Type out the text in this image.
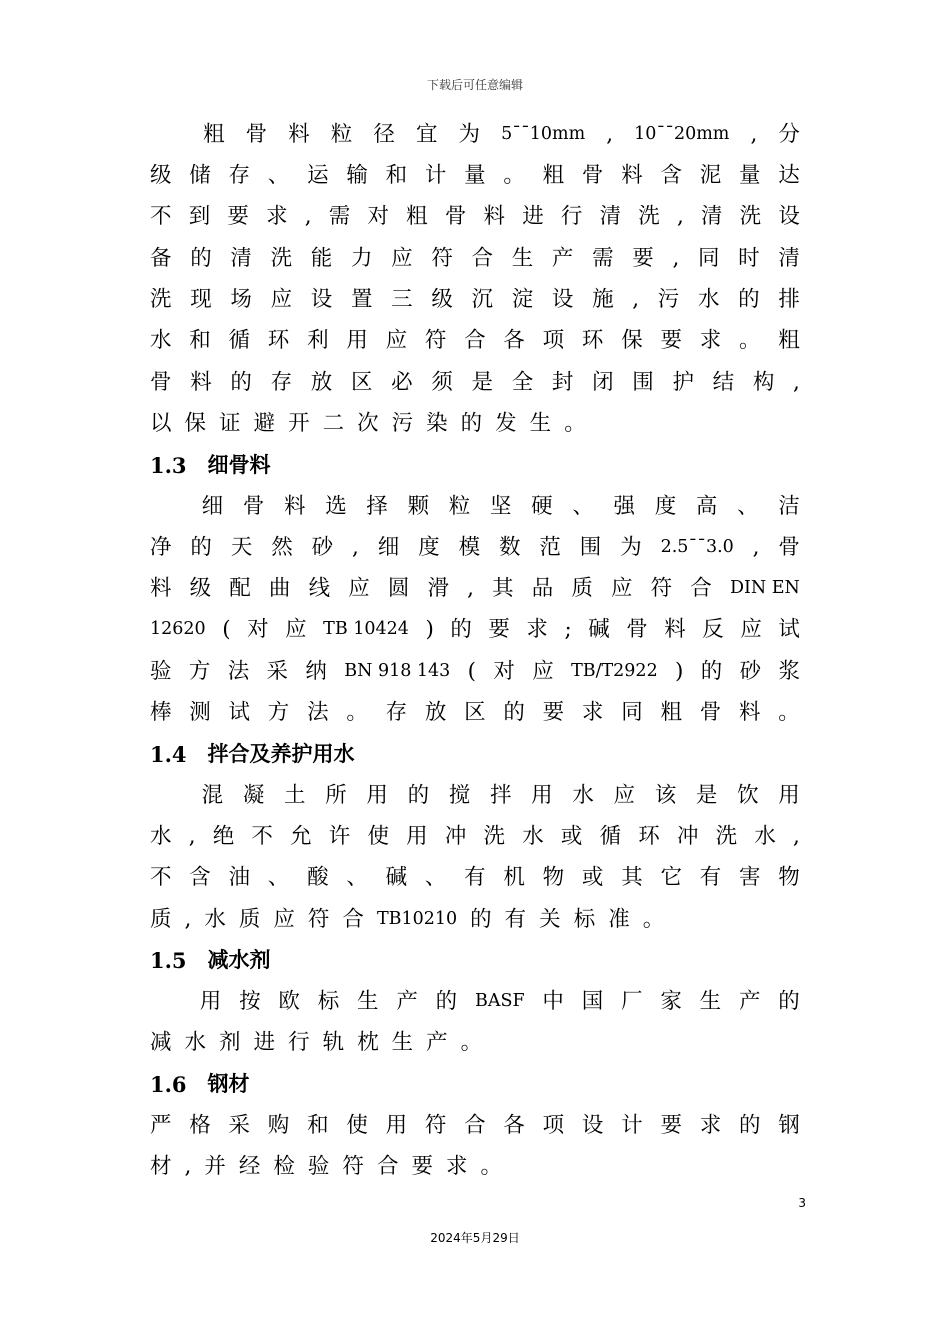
下载后可任意编辑
粗 骨 料 粒 径 宜 为 5¯¯10mm , 10¯¯20mm , 分
级 储 存 、 运 输 和 计 量 。 粗 骨 料 含 泥 量 达
不 到 要 求 , 需 对 粗 骨 料 进 行 清 洗 , 清 洗 设
备 的 清 洗 能 力 应 符 合 生 产 需 要 , 同 时 清
洗 现 场 应 设 置 三 级 沉 淀 设 施 , 污 水 的 排
水 和 循 环 利 用 应 符 合 各 项 环 保 要 求 。 粗
骨 料 的 存 放 区 必 须 是 全 封 闭 围 护 结 构 ,
以 保 证 避 开 二 次 污 染 的 发 生 。
1.3 细骨料
细 骨 料 选 择 颗 粒 坚 硬 、 强 度 高 、 洁
净 的 天 然 砂 , 细 度 模 数 范 围 为 2.5¯¯3.0 , 骨
料 级 配 曲 线 应 圆 滑 , 其 品 质 应 符 合 DIN EN
12620 ( 对 应 TB 10424 ) 的 要 求 ; 碱 骨 料 反 应 试
验 方 法 采 纳 BN 918 143 ( 对 应 TB/T2922 ) 的 砂 浆
棒 测 试 方 法 。 存 放 区 的 要 求 同 粗 骨 料 。
1.4 拌合及养护用水
混 凝 土 所 用 的 搅 拌 用 水 应 该 是 饮 用
水 , 绝 不 允 许 使 用 冲 洗 水 或 循 环 冲 洗 水 ,
不 含 油 、 酸 、 碱 、 有 机 物 或 其 它 有 害 物
质 , 水 质 应 符 合 TB10210 的 有 关 标 准 。
1.5 减水剂
用 按 欧 标 生 产 的 BASF 中 国 厂 家 生 产 的
减 水 剂 进 行 轨 枕 生 产 。
1.6 钢材
严 格 采 购 和 使 用 符 合 各 项 设 计 要 求 的 钢
材 , 并 经 检 验 符 合 要 求 。
3
2024年5月29日
